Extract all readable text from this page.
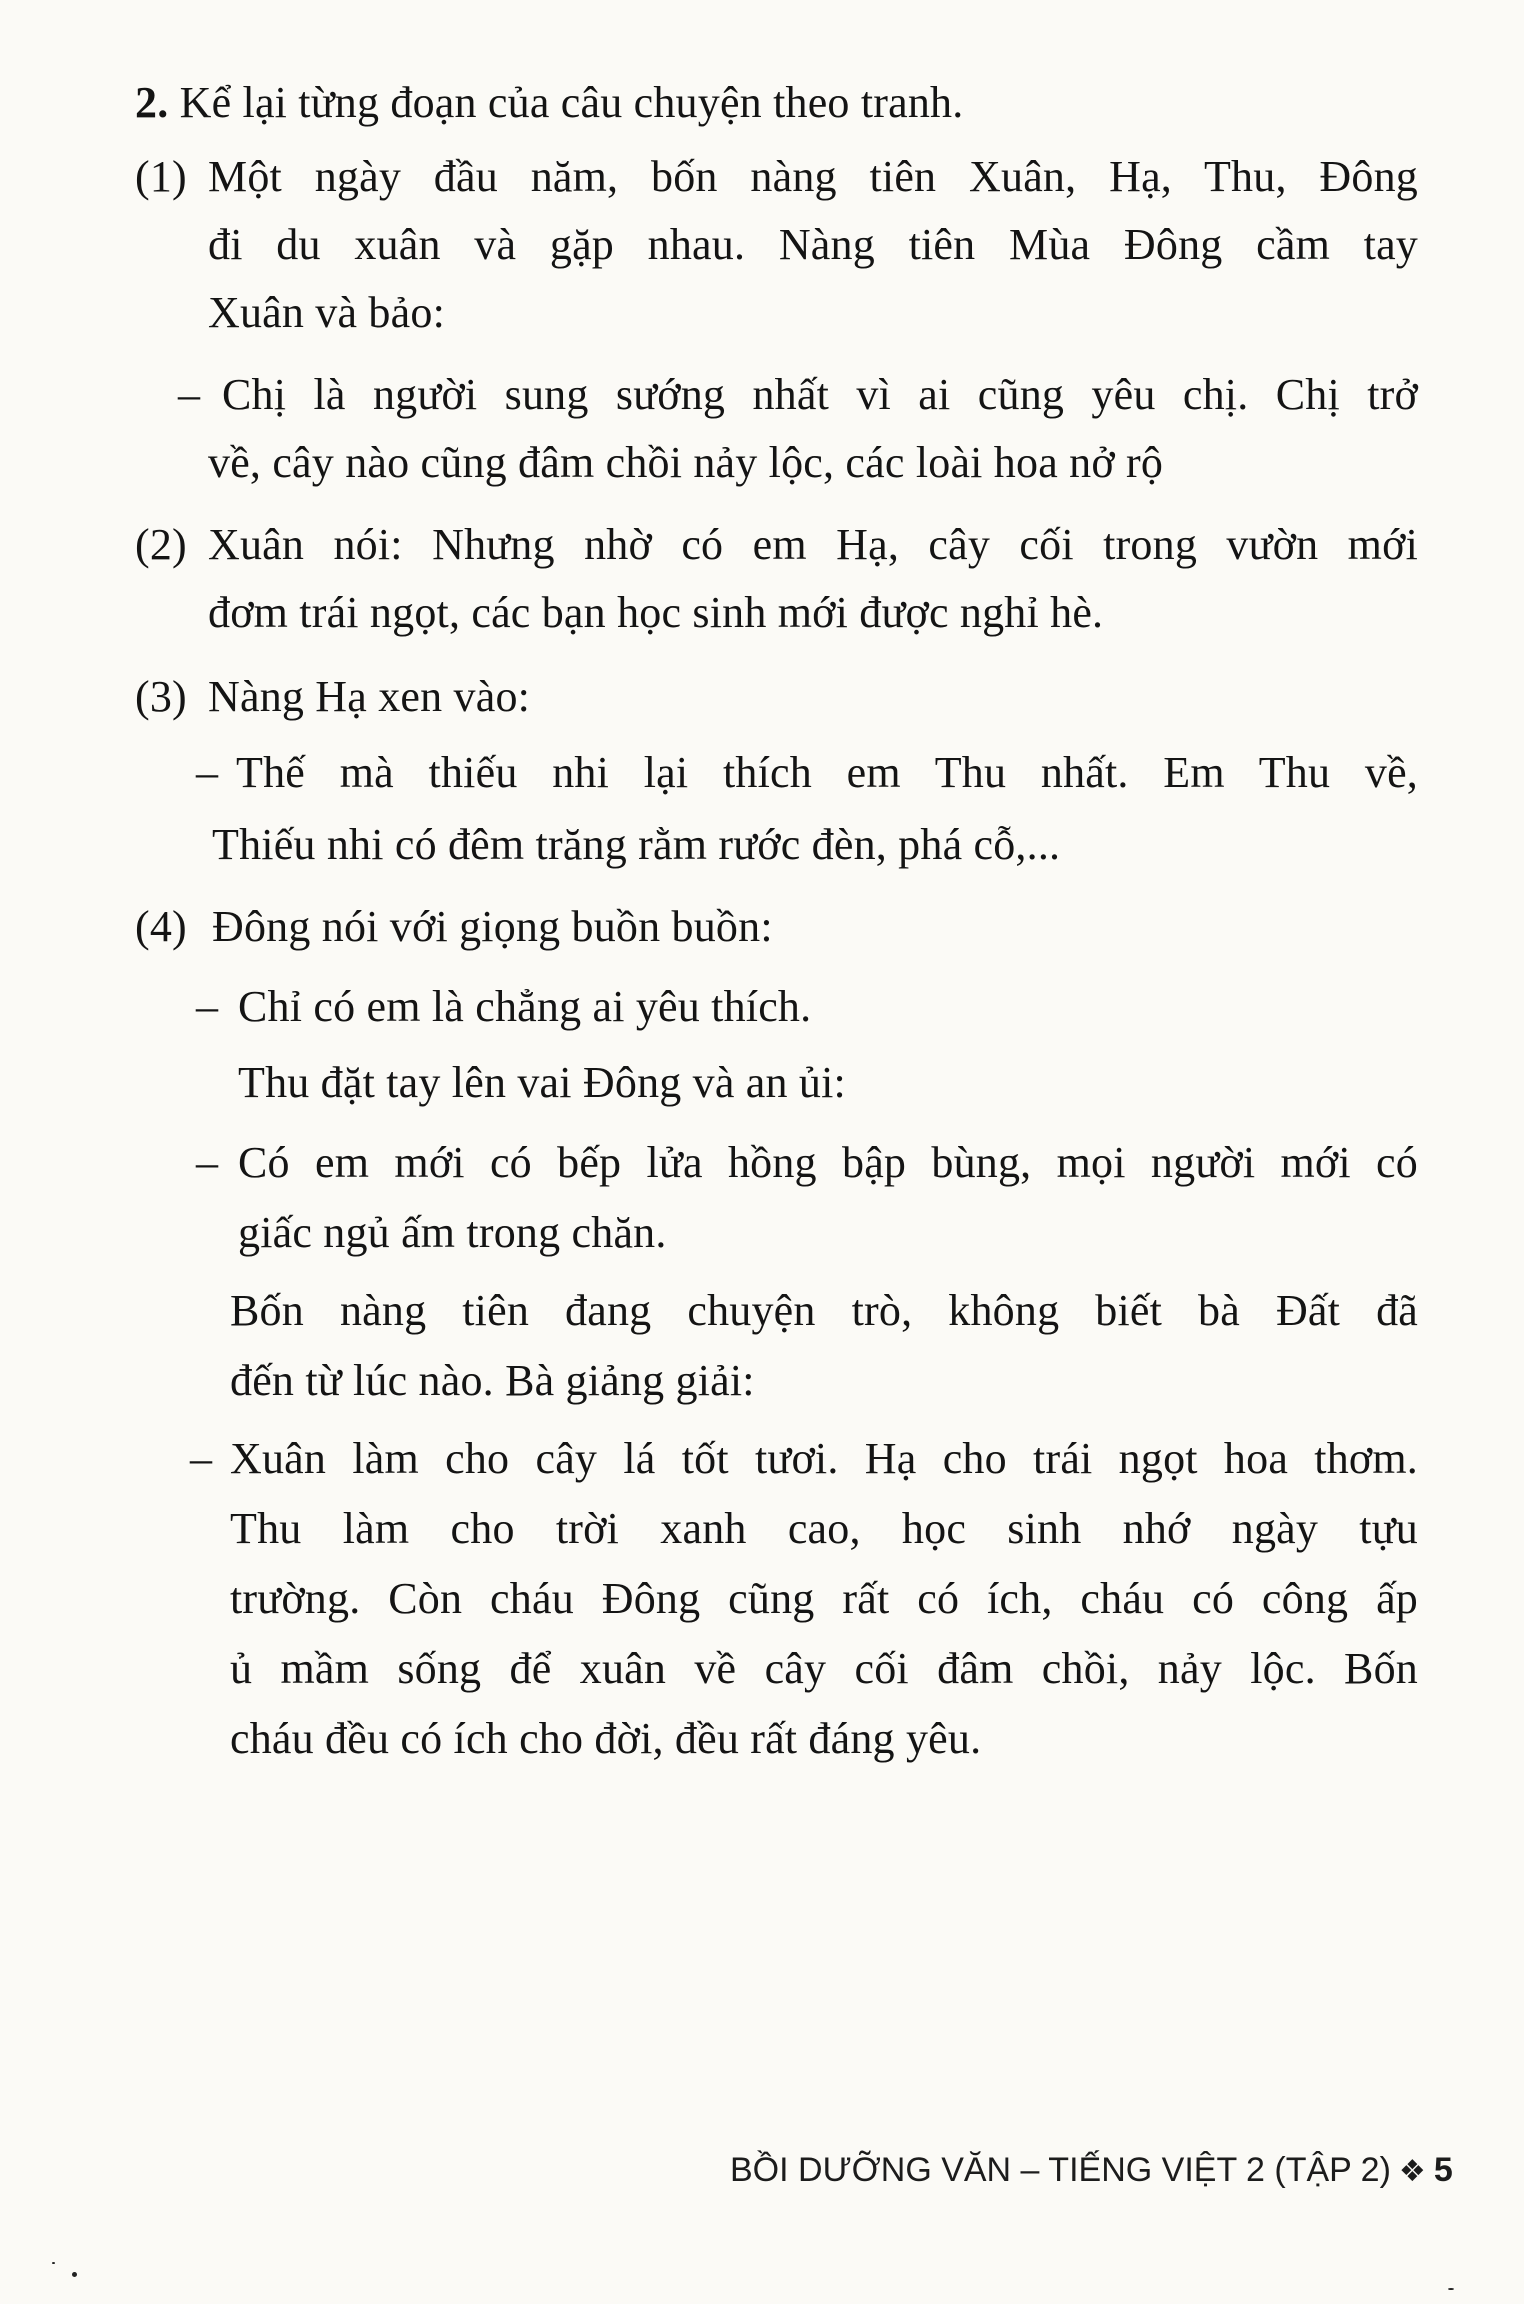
2. Kể lại từng đoạn của câu chuyện theo tranh.
(1) Một ngày đầu năm, bốn nàng tiên Xuân, Hạ, Thu, Đông
đi du xuân và gặp nhau. Nàng tiên Mùa Đông cầm tay
Xuân và bảo:
– Chị là người sung sướng nhất vì ai cũng yêu chị. Chị trở
về, cây nào cũng đâm chồi nảy lộc, các loài hoa nở rộ
(2) Xuân nói: Nhưng nhờ có em Hạ, cây cối trong vườn mới
đơm trái ngọt, các bạn học sinh mới được nghỉ hè.
(3) Nàng Hạ xen vào:
– Thế mà thiếu nhi lại thích em Thu nhất. Em Thu về,
Thiếu nhi có đêm trăng rằm rước đèn, phá cỗ,...
(4) Đông nói với giọng buồn buồn:
– Chỉ có em là chẳng ai yêu thích.
Thu đặt tay lên vai Đông và an ủi:
– Có em mới có bếp lửa hồng bập bùng, mọi người mới có
giấc ngủ ấm trong chăn.
Bốn nàng tiên đang chuyện trò, không biết bà Đất đã
đến từ lúc nào. Bà giảng giải:
– Xuân làm cho cây lá tốt tươi. Hạ cho trái ngọt hoa thơm.
Thu làm cho trời xanh cao, học sinh nhớ ngày tựu
trường. Còn cháu Đông cũng rất có ích, cháu có công ấp
ủ mầm sống để xuân về cây cối đâm chồi, nảy lộc. Bốn
cháu đều có ích cho đời, đều rất đáng yêu.
BỒI DƯỠNG VĂN – TIẾNG VIỆT 2 (TẬP 2) ❖ 5
